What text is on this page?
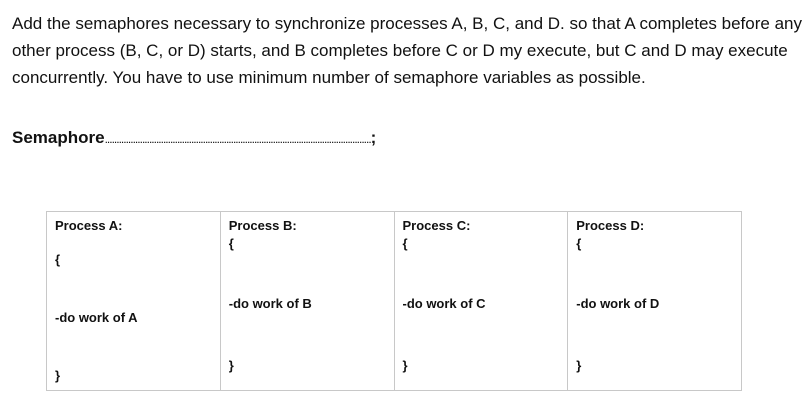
Add the semaphores necessary to synchronize processes A, B, C, and D. so that A completes before any other process (B, C, or D) starts, and B completes before C or D my execute, but C and D may execute concurrently. You have to use minimum number of semaphore variables as possible.

Semaphore..................................................................................................................;
Process A:
{
-do work of A
}

Process B:
{
-do work of B
}

Process C:
{
-do work of C
}

Process D:
{
-do work of D
}
